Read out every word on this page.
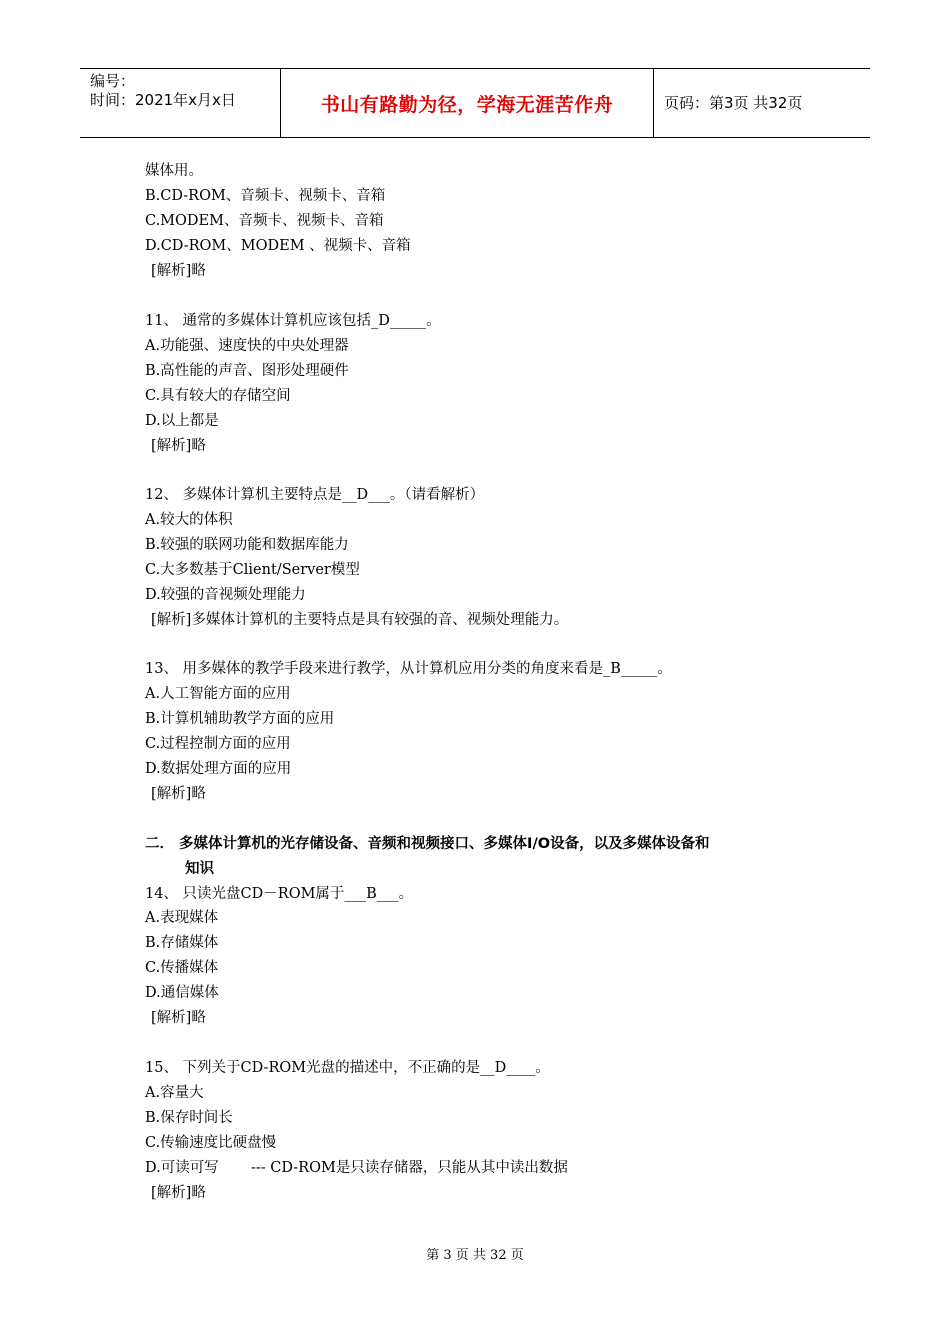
编号：
时间：2021年x月x日	书山有路勤为径，学海无涯苦作舟	页码：第3页 共32页
媒体用。
B.CD-ROM、音频卡、视频卡、音箱
C.MODEM、音频卡、视频卡、音箱
D.CD-ROM、MODEM 、视频卡、音箱
[解析]略
11、 通常的多媒体计算机应该包括_D_____。
A.功能强、速度快的中央处理器
B.高性能的声音、图形处理硬件
C.具有较大的存储空间
D.以上都是
[解析]略
12、 多媒体计算机主要特点是__D___。（请看解析）
A.较大的体积
B.较强的联网功能和数据库能力
C.大多数基于Client/Server模型
D.较强的音视频处理能力
[解析]多媒体计算机的主要特点是具有较强的音、视频处理能力。
13、 用多媒体的教学手段来进行教学，从计算机应用分类的角度来看是_B_____。
A.人工智能方面的应用
B.计算机辅助教学方面的应用
C.过程控制方面的应用
D.数据处理方面的应用
[解析]略
二． 多媒体计算机的光存储设备、音频和视频接口、多媒体I/O设备，以及多媒体设备和
知识
14、 只读光盘CD－ROM属于___B___。
A.表现媒体
B.存储媒体
C.传播媒体
D.通信媒体
[解析]略
15、 下列关于CD-ROM光盘的描述中，不正确的是__D____。
A.容量大
B.保存时间长
C.传输速度比硬盘慢
D.可读可写       --- CD-ROM是只读存储器，只能从其中读出数据
[解析]略
第 3 页 共 32 页
